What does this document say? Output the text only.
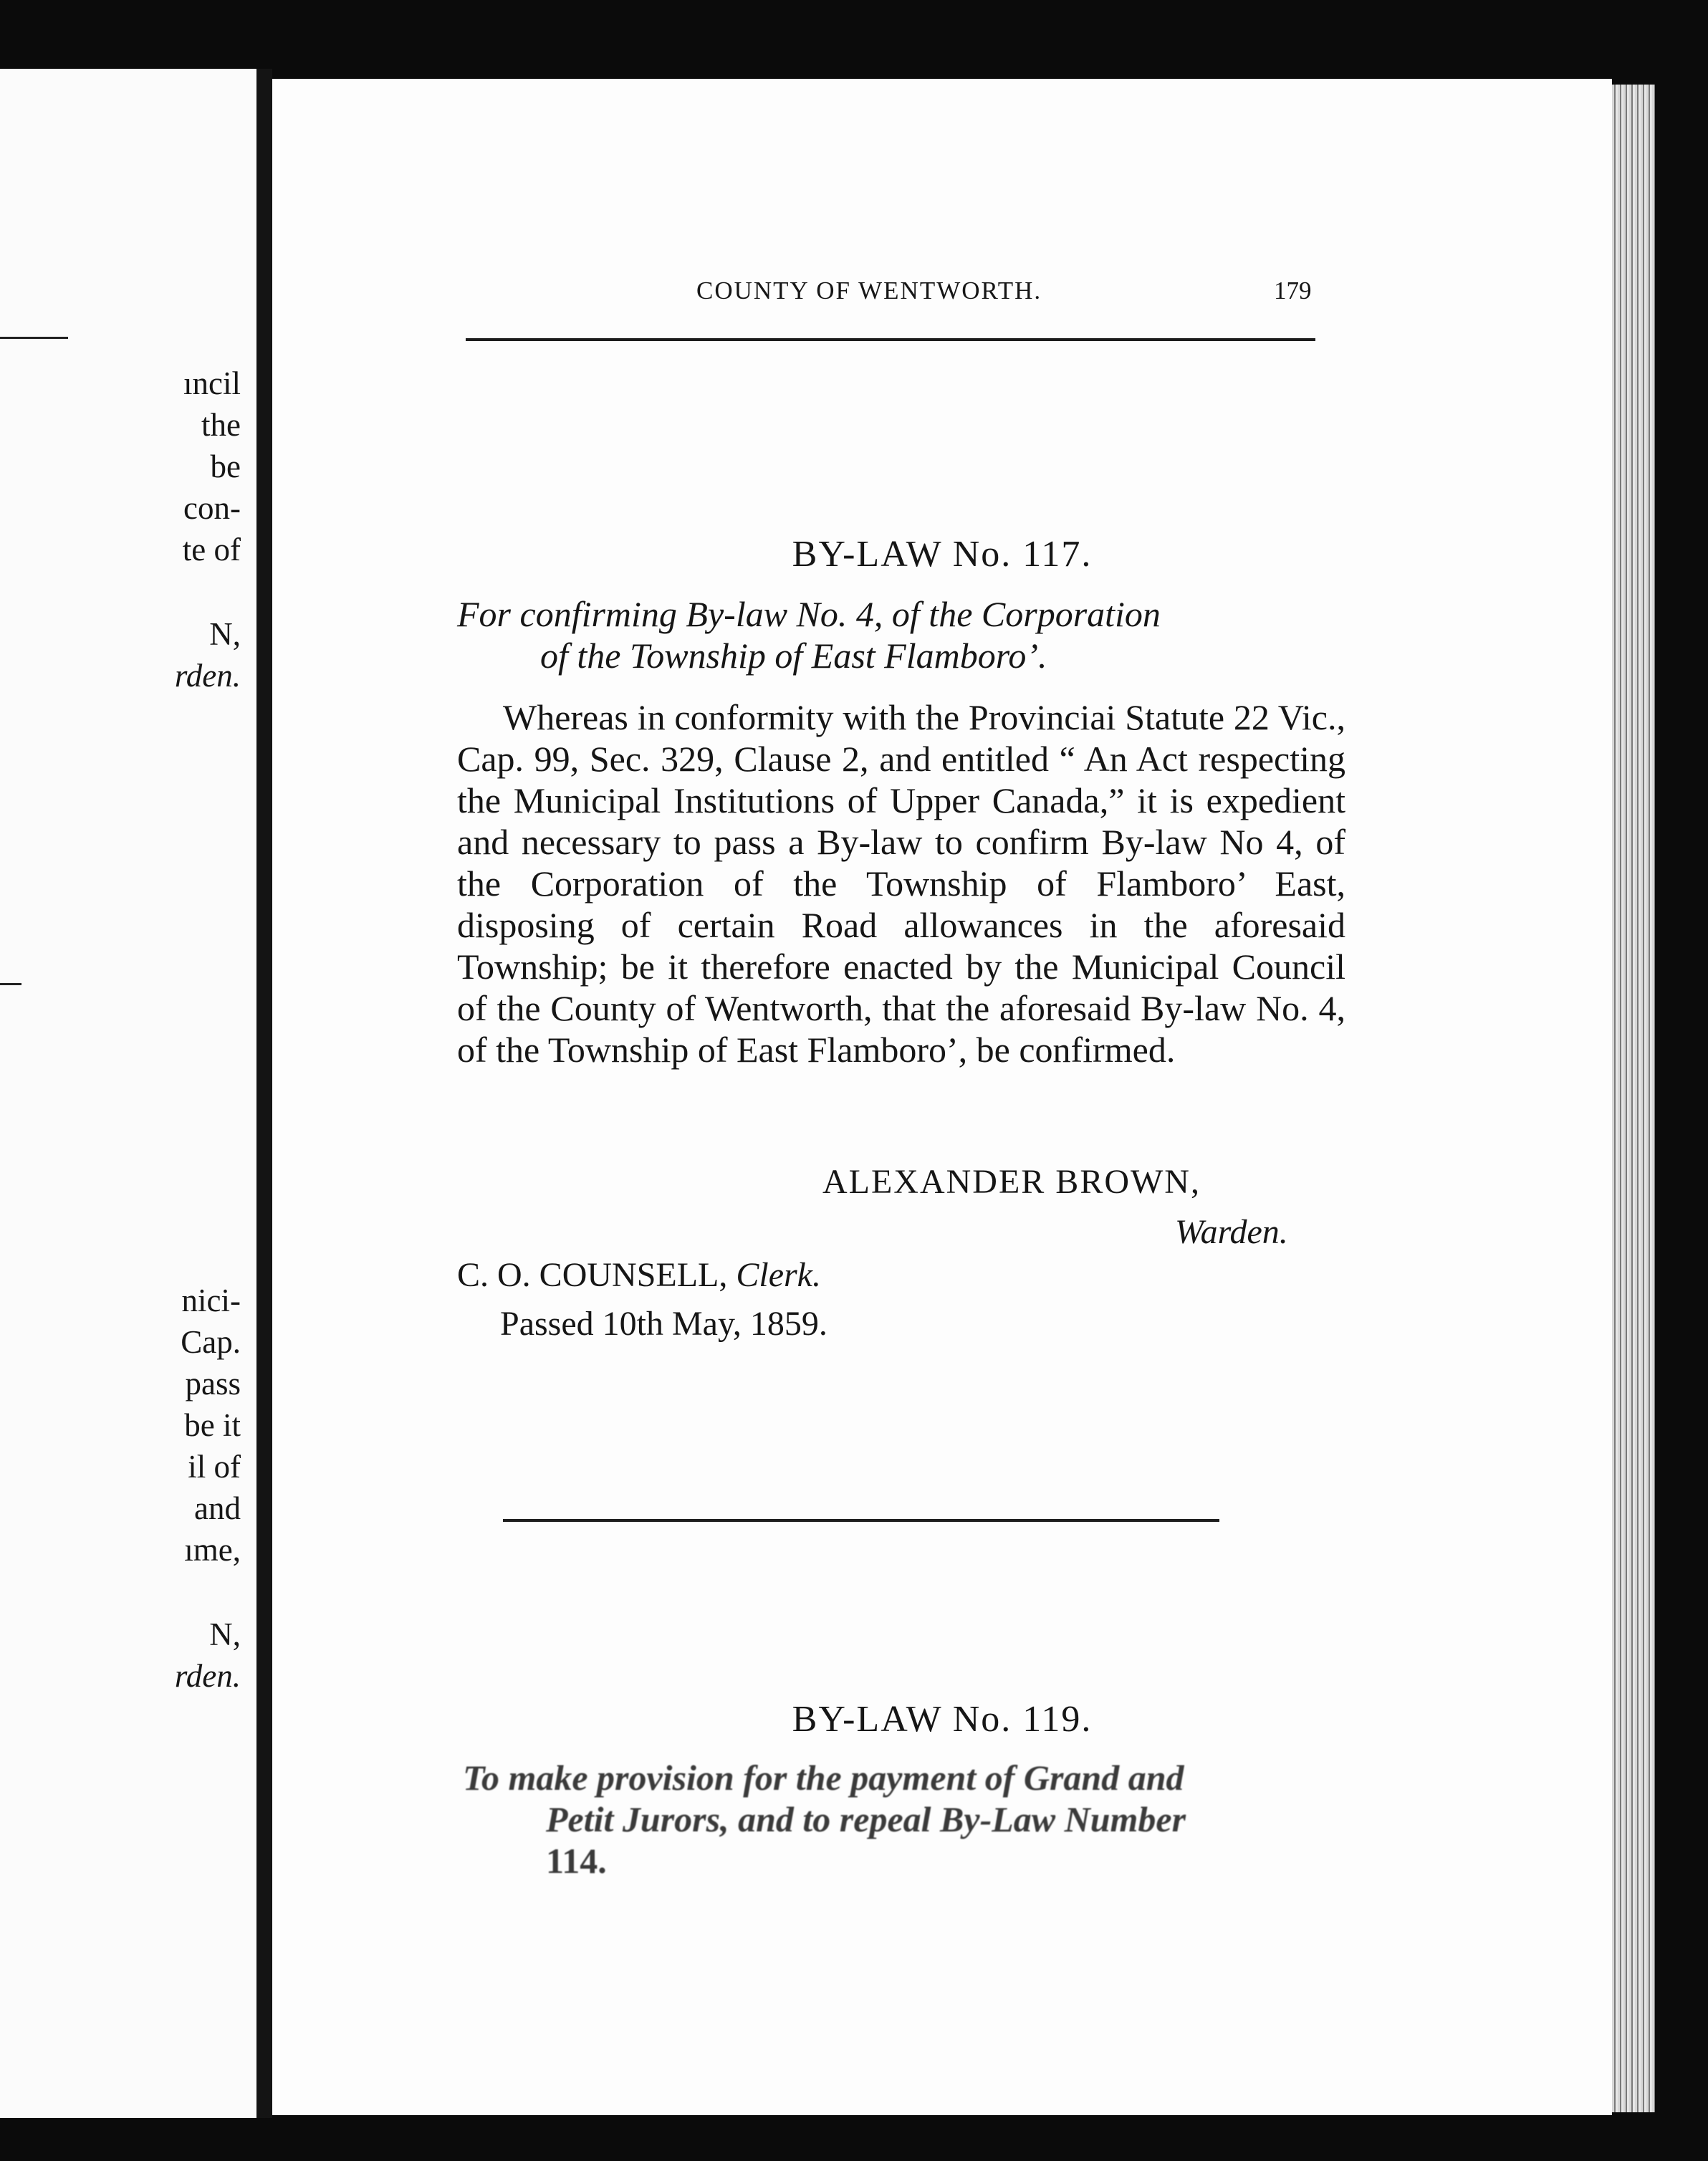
ıncil
the
be
con-
te of
N,
rden.
nici-
Cap.
pass
be it
il of
and
ıme,
N,
rden.
COUNTY OF WENTWORTH.	179
BY-LAW No. 117.
For confirming By-law No. 4, of the Corporation
of the Township of East Flamboro’.

Whereas in conformity with the Provinciai Statute 22 Vic., Cap. 99, Sec. 329, Clause 2, and entitled “ An Act respecting the Municipal Institutions of Upper Canada,” it is expedient and necessary to pass a By-law to confirm By-law No 4, of the Corporation of the Township of Flamboro’ East, disposing of certain Road allowances in the aforesaid Township; be it therefore enacted by the Municipal Council of the County of Wentworth, that the aforesaid By-law No. 4, of the Township of East Flamboro’, be confirmed.

ALEXANDER BROWN,
Warden.
C. O. COUNSELL, Clerk.
Passed 10th May, 1859.
BY-LAW No. 119.
To make provision for the payment of Grand and
Petit Jurors, and to repeal By-Law Number
114.
